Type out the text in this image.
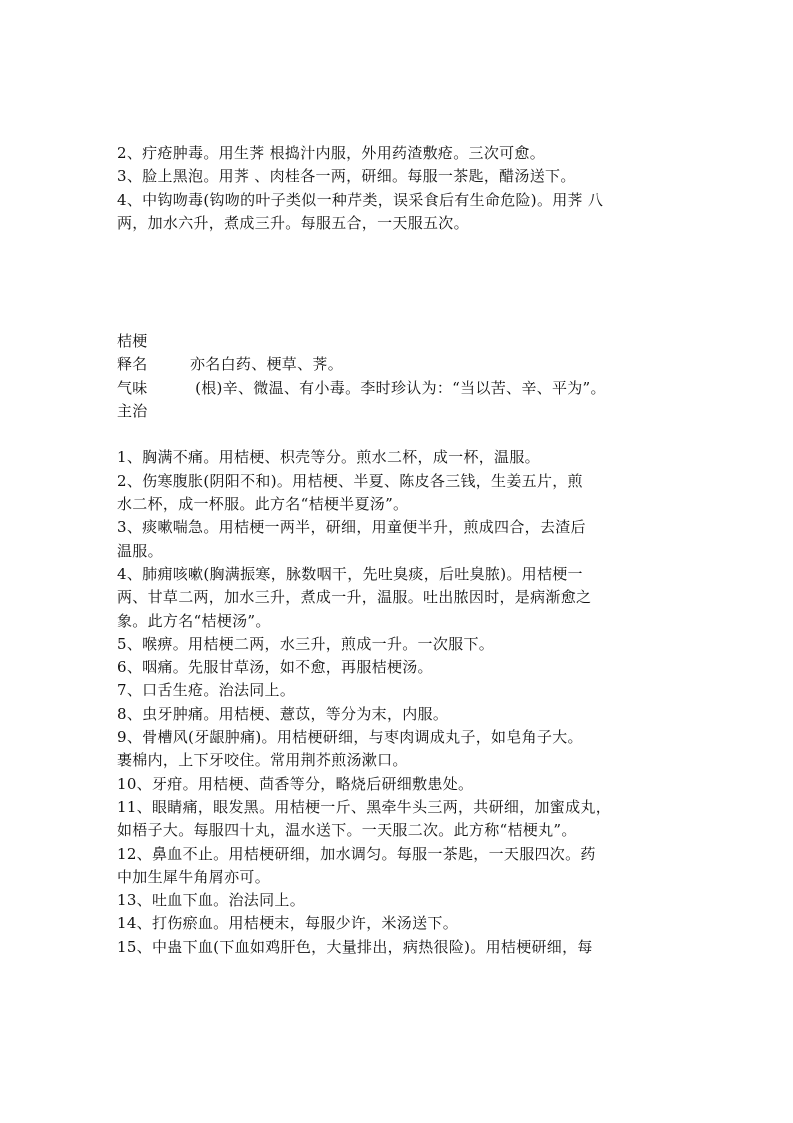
2、疔疮肿毒。用生荠 根捣汁内服，外用药渣敷疮。三次可愈。
3、脸上黑泡。用荠 、肉桂各一两，研细。每服一茶匙，醋汤送下。
4、中钩吻毒(钩吻的叶子类似一种芹类，误采食后有生命危险)。用荠 八
两，加水六升，煮成三升。每服五合，一天服五次。
桔梗
释名	亦名白药、梗草、荠。
气味	(根)辛、微温、有小毒。李时珍认为：“当以苦、辛、平为”。
主治
1、胸满不痛。用桔梗、枳壳等分。煎水二杯，成一杯，温服。
2、伤寒腹胀(阴阳不和)。用桔梗、半夏、陈皮各三钱，生姜五片，煎
水二杯，成一杯服。此方名“桔梗半夏汤”。
3、痰嗽喘急。用桔梗一两半，研细，用童便半升，煎成四合，去渣后
温服。
4、肺痈咳嗽(胸满振寒，脉数咽干，先吐臭痰，后吐臭脓)。用桔梗一
两、甘草二两，加水三升，煮成一升，温服。吐出脓因时，是病渐愈之
象。此方名“桔梗汤”。
5、喉痹。用桔梗二两，水三升，煎成一升。一次服下。
6、咽痛。先服甘草汤，如不愈，再服桔梗汤。
7、口舌生疮。治法同上。
8、虫牙肿痛。用桔梗、薏苡，等分为末，内服。
9、骨槽风(牙龈肿痛)。用桔梗研细，与枣肉调成丸子，如皂角子大。
裹棉内，上下牙咬住。常用荆芥煎汤漱口。
10、牙疳。用桔梗、茴香等分，略烧后研细敷患处。
11、眼睛痛，眼发黑。用桔梗一斤、黑牵牛头三两，共研细，加蜜成丸，
如梧子大。每服四十丸，温水送下。一天服二次。此方称“桔梗丸”。
12、鼻血不止。用桔梗研细，加水调匀。每服一茶匙，一天服四次。药
中加生犀牛角屑亦可。
13、吐血下血。治法同上。
14、打伤瘀血。用桔梗末，每服少许，米汤送下。
15、中蛊下血(下血如鸡肝色，大量排出，病热很险)。用桔梗研细，每
